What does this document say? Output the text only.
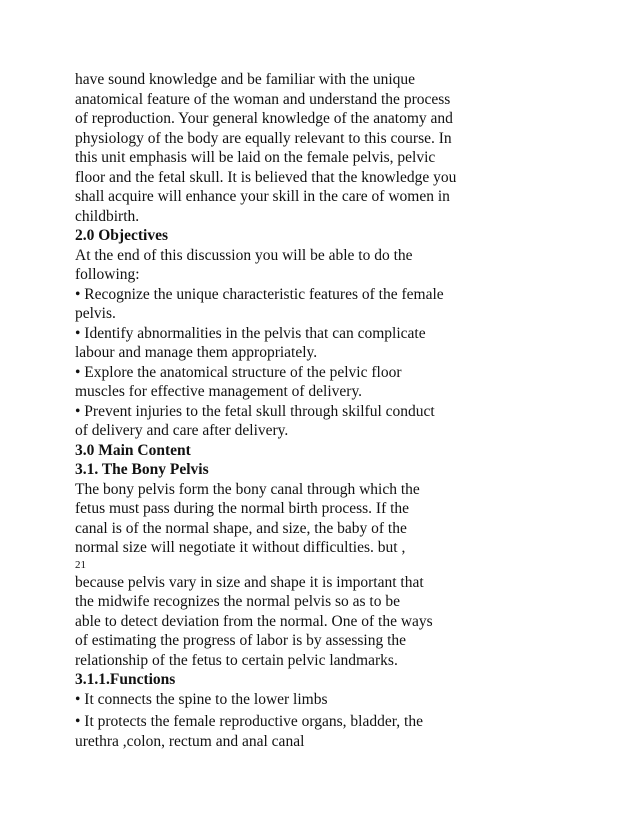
have sound knowledge and be familiar with the unique
anatomical feature of the woman and understand the process
of reproduction. Your general knowledge of the anatomy and
physiology of the body are equally relevant to this course. In
this unit emphasis will be laid on the female pelvis, pelvic
floor and the fetal skull. It is believed that the knowledge you
shall acquire will enhance your skill in the care of women in
childbirth.
2.0 Objectives
At the end of this discussion you will be able to do the
following:
• Recognize the unique characteristic features of the female
pelvis.
• Identify abnormalities in the pelvis that can complicate
labour and manage them appropriately.
• Explore the anatomical structure of the pelvic floor
muscles for effective management of delivery.
• Prevent injuries to the fetal skull through skilful conduct
of delivery and care after delivery.
3.0 Main Content
3.1. The Bony Pelvis
The bony pelvis form the bony canal through which the
fetus must pass during the normal birth process. If the
canal is of the normal shape, and size, the baby of the
normal size will negotiate it without difficulties. but ,
21
because pelvis vary in size and shape it is important that
the midwife recognizes the normal pelvis so as to be
able to detect deviation from the normal. One of the ways
of estimating the progress of labor is by assessing the
relationship of the fetus to certain pelvic landmarks.
3.1.1.Functions
• It connects the spine to the lower limbs
• It protects the female reproductive organs, bladder, the
urethra ,colon, rectum and anal canal
